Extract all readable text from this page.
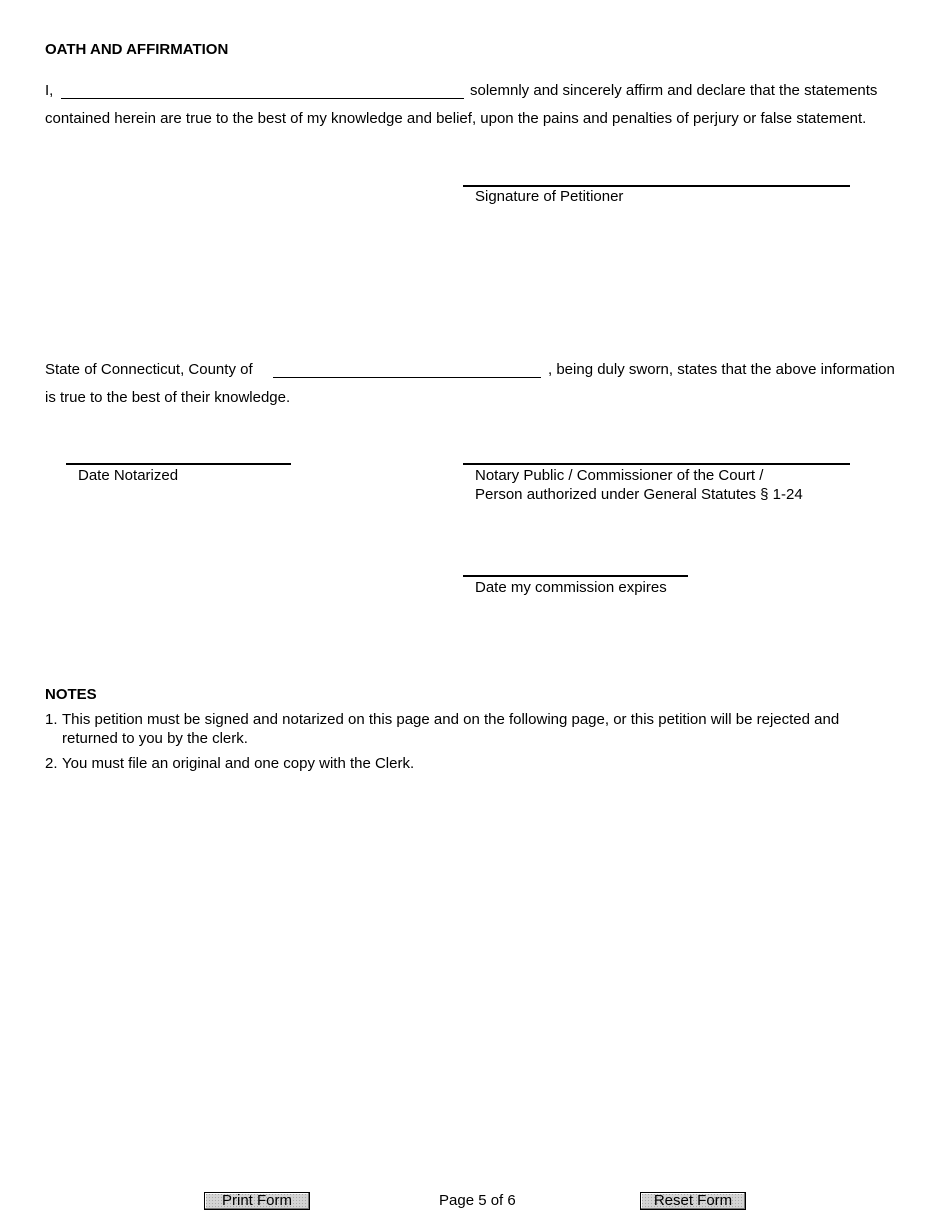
OATH AND AFFIRMATION
I,	solemnly and sincerely affirm and declare that the statements
contained herein are true to the best of my knowledge and belief, upon the pains and penalties of perjury or false statement.
Signature of Petitioner
State of Connecticut, County of	, being duly sworn, states that the above information
is true to the best of their knowledge.
Date Notarized	Notary Public / Commissioner of the Court /
Person authorized under General Statutes § 1-24
Date my commission expires
NOTES
1. This petition must be signed and notarized on this page and on the following page, or this petition will be rejected and returned to you by the clerk.
2. You must file an original and one copy with the Clerk.
Print Form	Page 5 of 6	Reset Form
